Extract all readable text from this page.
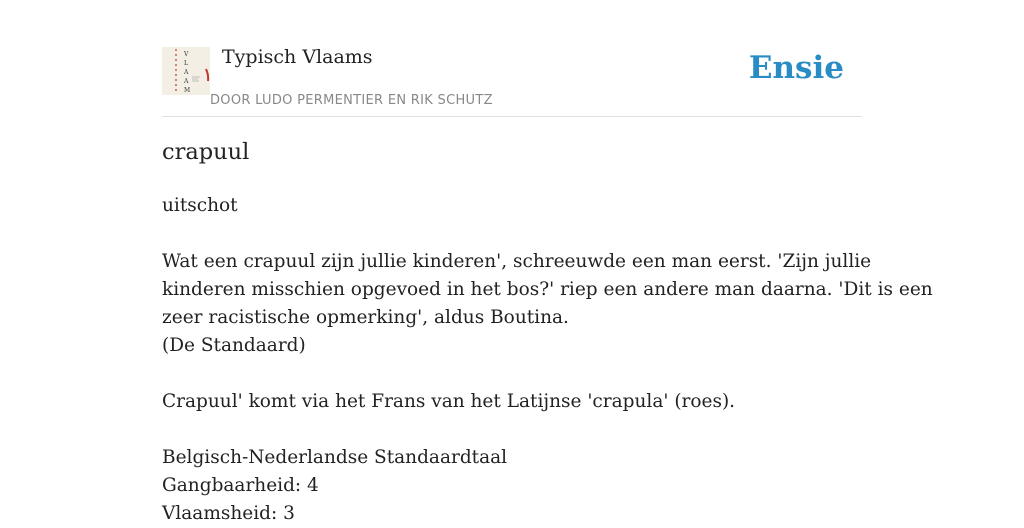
V
L
A
A
M
Typisch Vlaams
DOOR LUDO PERMENTIER EN RIK SCHUTZ
Ensie
crapuul
uitschot
Wat een crapuul zijn jullie kinderen', schreeuwde een man eerst. 'Zijn jullie
kinderen misschien opgevoed in het bos?' riep een andere man daarna. 'Dit is een
zeer racistische opmerking', aldus Boutina.
(De Standaard)
Crapuul' komt via het Frans van het Latijnse 'crapula' (roes).
Belgisch-Nederlandse Standaardtaal
Gangbaarheid: 4
Vlaamsheid: 3
